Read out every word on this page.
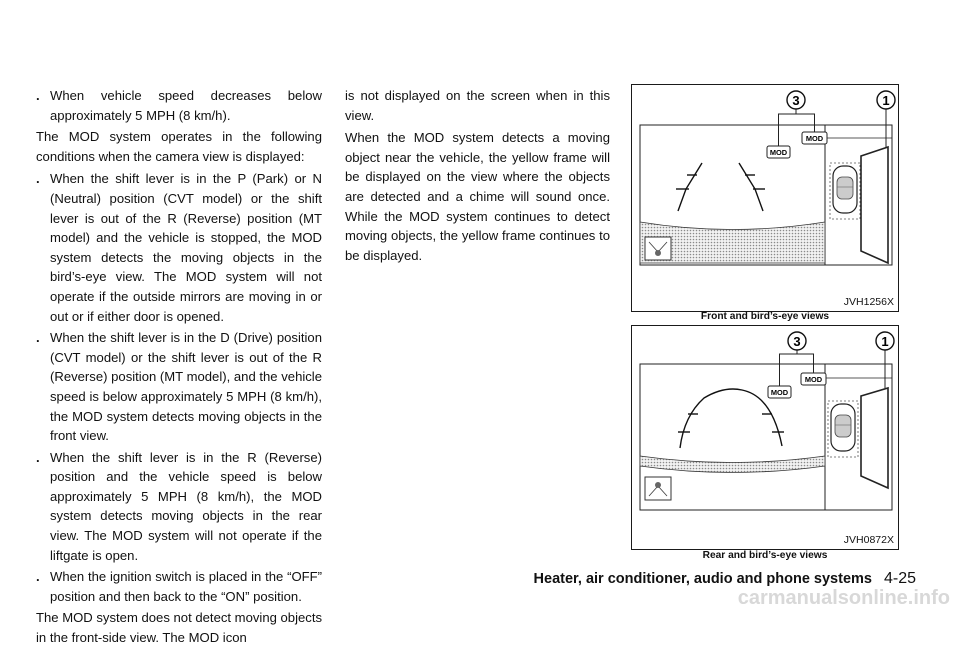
. When vehicle speed decreases below approximately 5 MPH (8 km/h).

The MOD system operates in the following conditions when the camera view is displayed:

. When the shift lever is in the P (Park) or N (Neutral) position (CVT model) or the shift lever is out of the R (Reverse) position (MT model) and the vehicle is stopped, the MOD system detects the moving objects in the bird’s-eye view. The MOD system will not operate if the outside mirrors are moving in or out or if either door is opened.
. When the shift lever is in the D (Drive) position (CVT model) or the shift lever is out of the R (Reverse) position (MT model), and the vehicle speed is below approximately 5 MPH (8 km/h), the MOD system detects moving objects in the front view.
. When the shift lever is in the R (Reverse) position and the vehicle speed is below approximately 5 MPH (8 km/h), the MOD system detects moving objects in the rear view. The MOD system will not operate if the liftgate is open.
. When the ignition switch is placed in the “OFF” position and then back to the “ON” position.

The MOD system does not detect moving objects in the front-side view. The MOD icon

is not displayed on the screen when in this view.

When the MOD system detects a moving object near the vehicle, the yellow frame will be displayed on the view where the objects are detected and a chime will sound once. While the MOD system continues to detect moving objects, the yellow frame continues to be displayed.

MOD
MOD
3	1
JVH1256X
Front and bird’s-eye views
MOD
MOD
3	1
JVH0872X
Rear and bird’s-eye views
Heater, air conditioner, audio and phone systems 4-25
carmanualsonline.info
